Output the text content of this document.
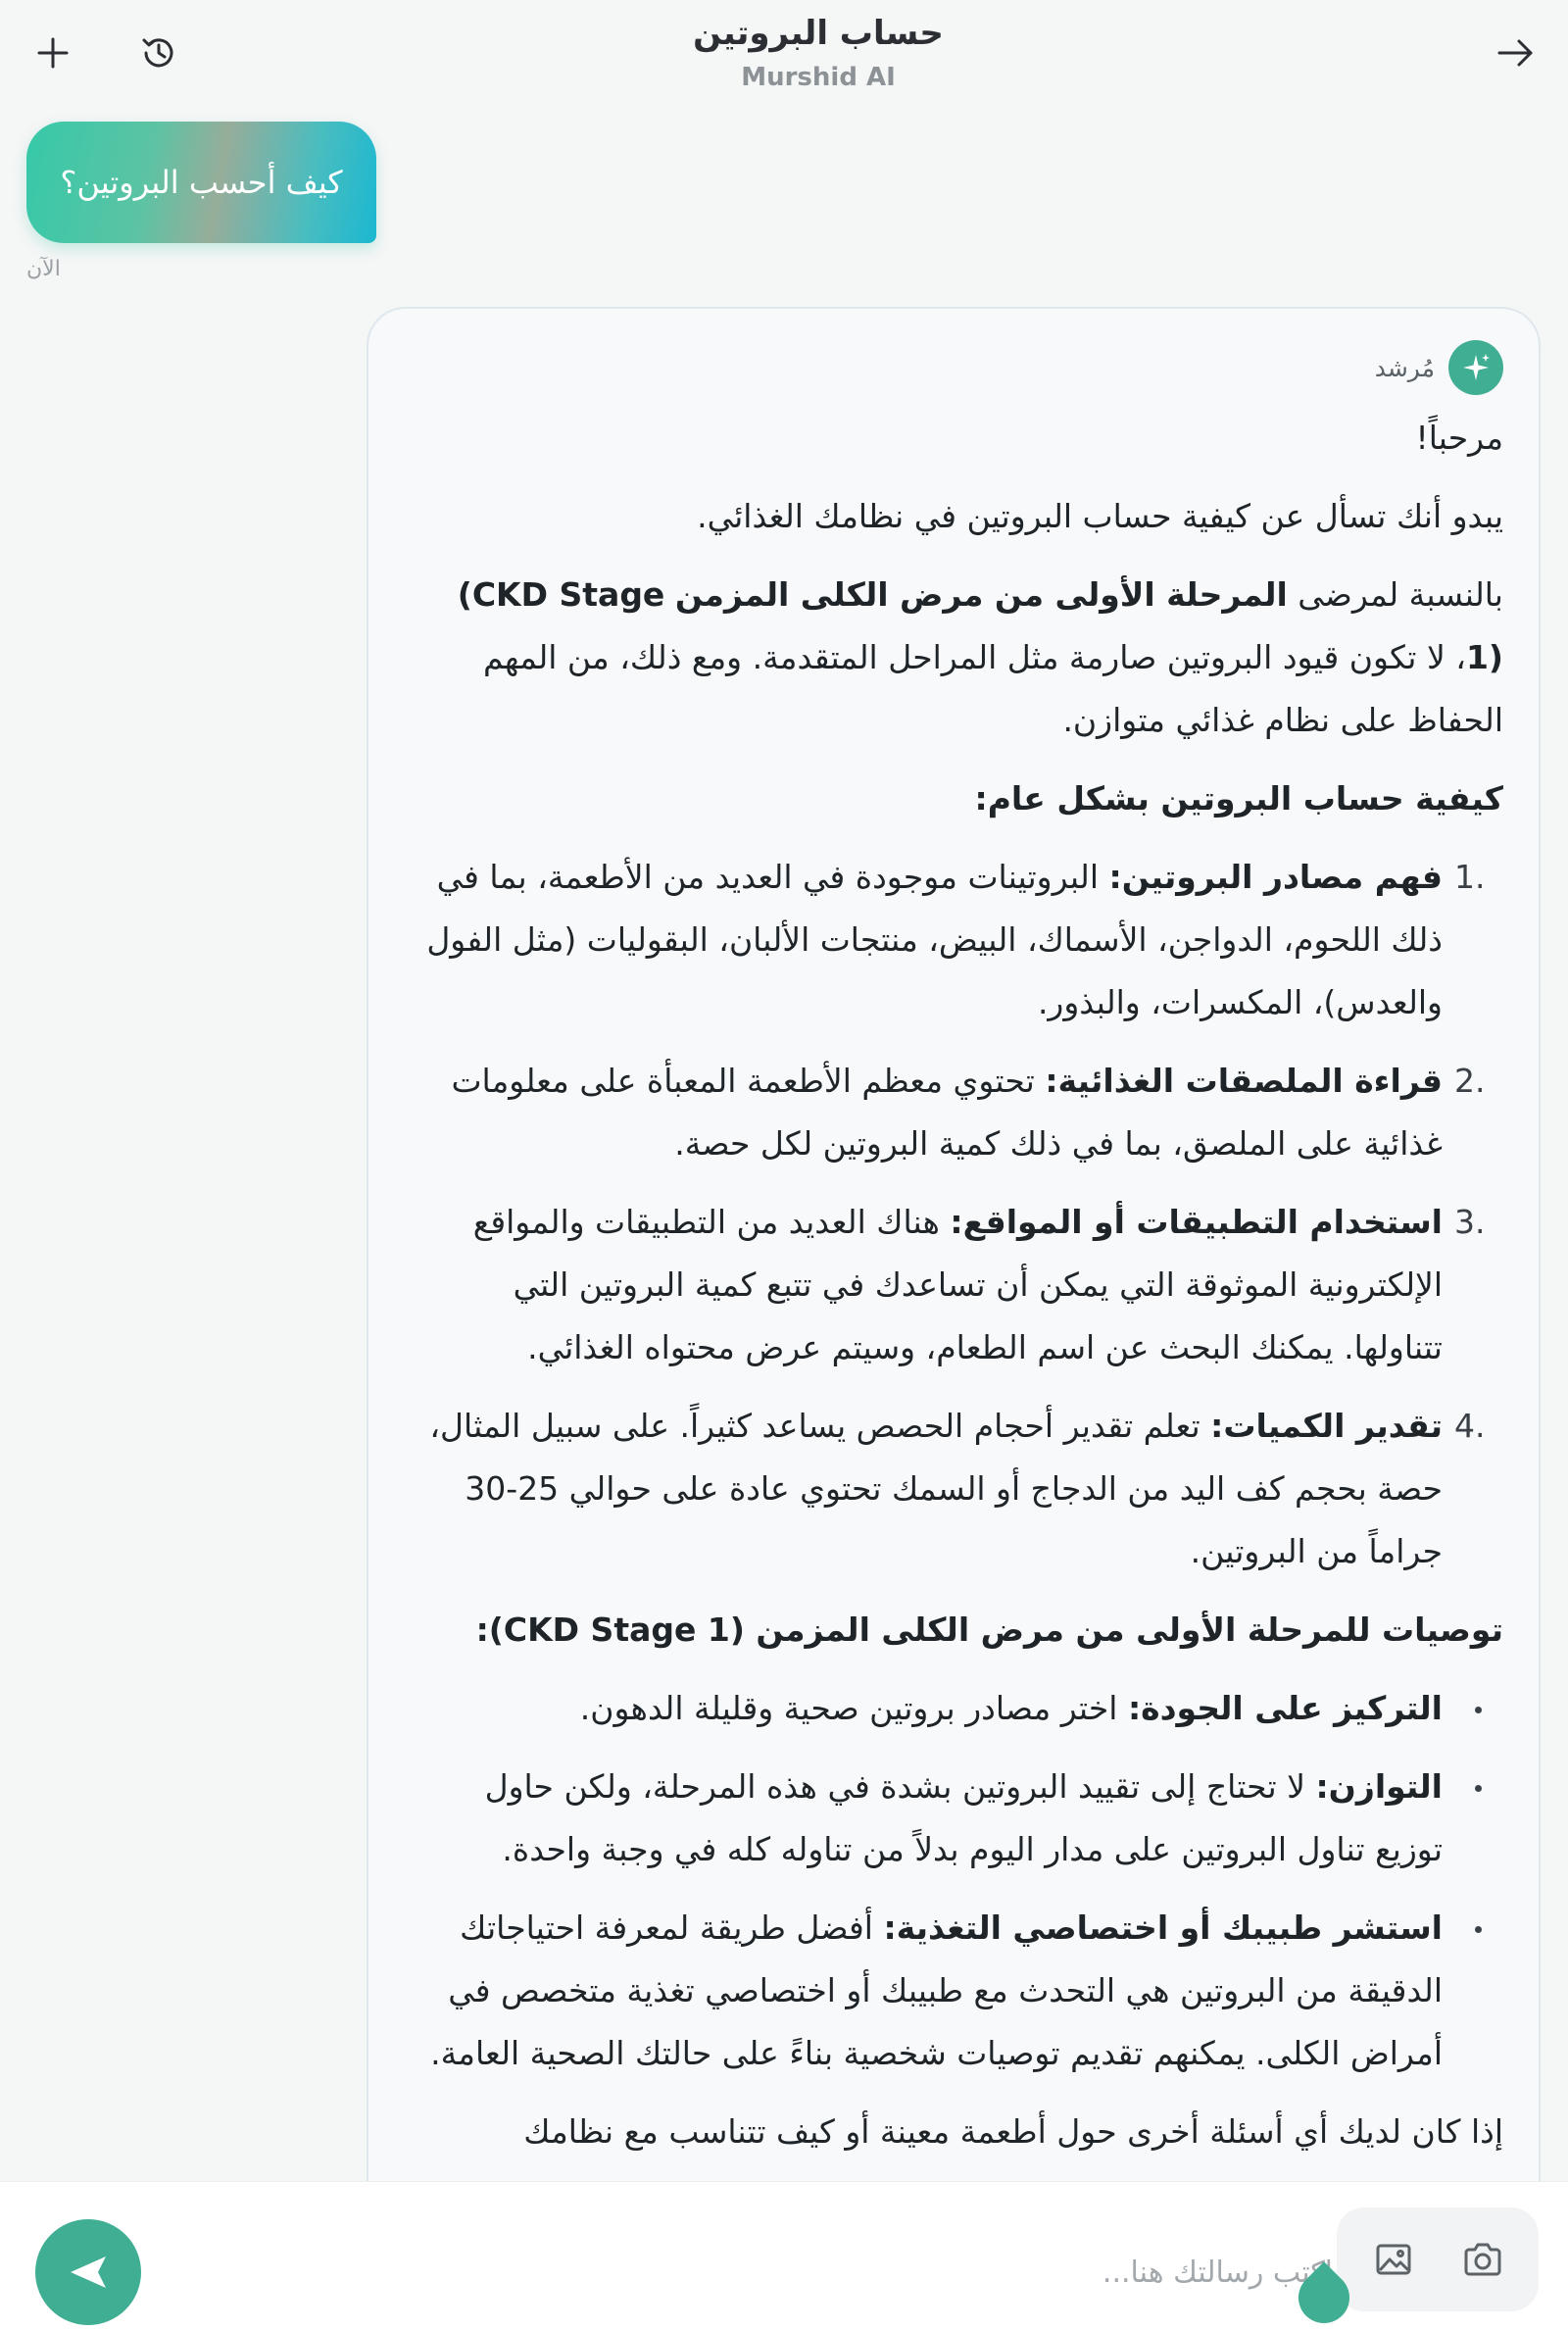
حساب البروتين
Murshid AI
كيف أحسب البروتين؟
الآن
مُرشد

مرحباً!

يبدو أنك تسأل عن كيفية حساب البروتين في نظامك الغذائي.

بالنسبة لمرضى المرحلة الأولى من مرض الكلى المزمن (CKD Stage 1)، لا تكون قيود البروتين صارمة مثل المراحل المتقدمة. ومع ذلك، من المهم الحفاظ على نظام غذائي متوازن.

كيفية حساب البروتين بشكل عام:

1.
فهم مصادر البروتين: البروتينات موجودة في العديد من الأطعمة، بما في ذلك اللحوم، الدواجن، الأسماك، البيض، منتجات الألبان، البقوليات (مثل الفول والعدس)، المكسرات، والبذور.
2.
قراءة الملصقات الغذائية: تحتوي معظم الأطعمة المعبأة على معلومات غذائية على الملصق، بما في ذلك كمية البروتين لكل حصة.
3.
استخدام التطبيقات أو المواقع: هناك العديد من التطبيقات والمواقع الإلكترونية الموثوقة التي يمكن أن تساعدك في تتبع كمية البروتين التي تتناولها. يمكنك البحث عن اسم الطعام، وسيتم عرض محتواه الغذائي.
4.
تقدير الكميات: تعلم تقدير أحجام الحصص يساعد كثيراً. على سبيل المثال، حصة بحجم كف اليد من الدجاج أو السمك تحتوي عادة على حوالي 25-30 جراماً من البروتين.

توصيات للمرحلة الأولى من مرض الكلى المزمن (CKD Stage 1):

التركيز على الجودة: اختر مصادر بروتين صحية وقليلة الدهون.
التوازن: لا تحتاج إلى تقييد البروتين بشدة في هذه المرحلة، ولكن حاول توزيع تناول البروتين على مدار اليوم بدلاً من تناوله كله في وجبة واحدة.
استشر طبيبك أو اختصاصي التغذية: أفضل طريقة لمعرفة احتياجاتك الدقيقة من البروتين هي التحدث مع طبيبك أو اختصاصي تغذية متخصص في أمراض الكلى. يمكنهم تقديم توصيات شخصية بناءً على حالتك الصحية العامة.

إذا كان لديك أي أسئلة أخرى حول أطعمة معينة أو كيف تتناسب مع نظامك

اكتب رسالتك هنا...
